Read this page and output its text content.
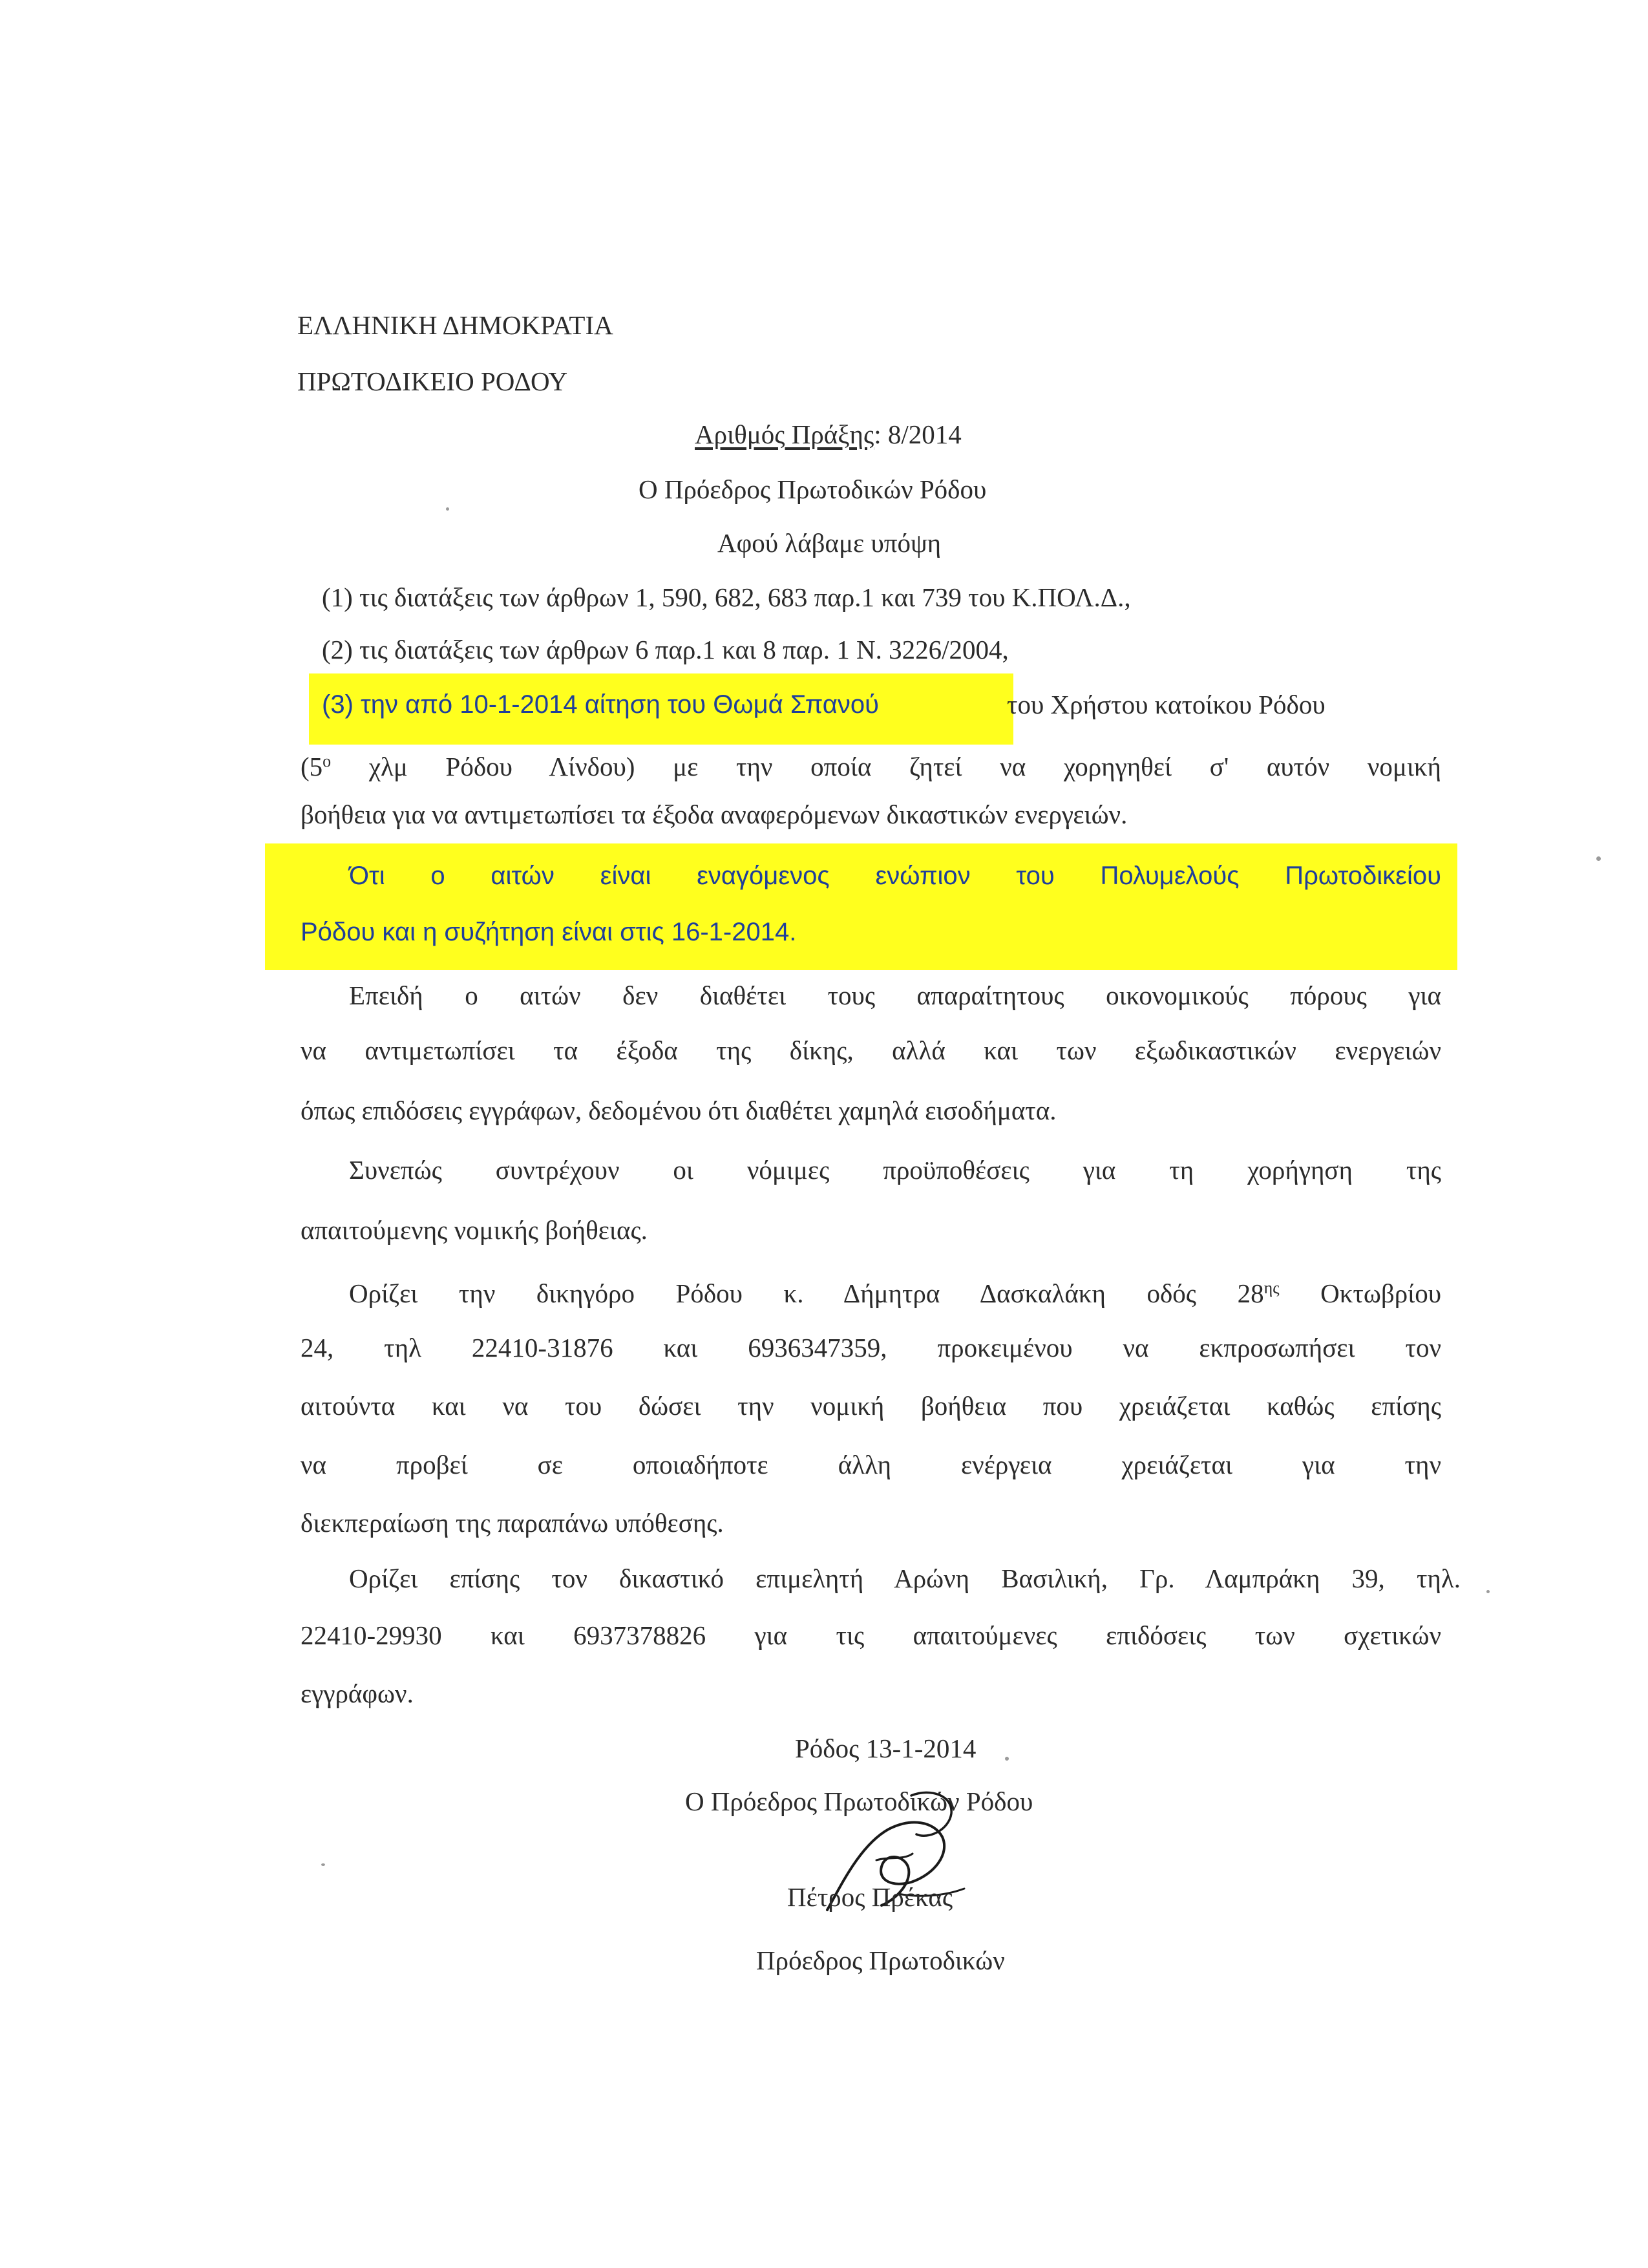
ΕΛΛΗΝΙΚΗ ΔΗΜΟΚΡΑΤΙΑ
ΠΡΩΤΟΔΙΚΕΙΟ ΡΟΔΟΥ
Αριθμός Πράξης: 8/2014
Ο Πρόεδρος Πρωτοδικών Ρόδου
Αφού λάβαμε υπόψη
(1) τις διατάξεις των άρθρων 1, 590, 682, 683 παρ.1 και 739 του Κ.ΠΟΛ.Δ.,
(2) τις διατάξεις των άρθρων 6 παρ.1 και 8 παρ. 1 Ν. 3226/2004,
(3) την από 10-1-2014 αίτηση του Θωμά Σπανού	του Χρήστου κατοίκου Ρόδου
($5^o$ χλμ Ρόδου Λίνδου) με την οποία ζητεί να χορηγηθεί σ' αυτόν νομική
βοήθεια για να αντιμετωπίσει τα έξοδα αναφερόμενων δικαστικών ενεργειών.
Ότι ο αιτών είναι εναγόμενος ενώπιον του Πολυμελούς Πρωτοδικείου
Ρόδου και η συζήτηση είναι στις 16-1-2014.
Επειδή ο αιτών δεν διαθέτει τους απαραίτητους οικονομικούς πόρους για
να αντιμετωπίσει τα έξοδα της δίκης, αλλά και των εξωδικαστικών ενεργειών
όπως επιδόσεις εγγράφων, δεδομένου ότι διαθέτει χαμηλά εισοδήματα.
Συνεπώς συντρέχουν οι νόμιμες προϋποθέσεις για τη χορήγηση της
απαιτούμενης νομικής βοήθειας.
Ορίζει την δικηγόρο Ρόδου κ. Δήμητρα Δασκαλάκη οδός $28^{\eta\varsigma}$ Οκτωβρίου
24, τηλ 22410-31876 και 6936347359, προκειμένου να εκπροσωπήσει τον
αιτούντα και να του δώσει την νομική βοήθεια που χρειάζεται καθώς επίσης
να προβεί σε οποιαδήποτε άλλη ενέργεια χρειάζεται για την
διεκπεραίωση της παραπάνω υπόθεσης.
Ορίζει επίσης τον δικαστικό επιμελητή Αρώνη Βασιλική, Γρ. Λαμπράκη 39, τηλ.
22410-29930 και 6937378826 για τις απαιτούμενες επιδόσεις των σχετικών
εγγράφων.
Ρόδος 13-1-2014
Ο Πρόεδρος Πρωτοδικών Ρόδου
Πέτρος Πρέκας
Πρόεδρος Πρωτοδικών
